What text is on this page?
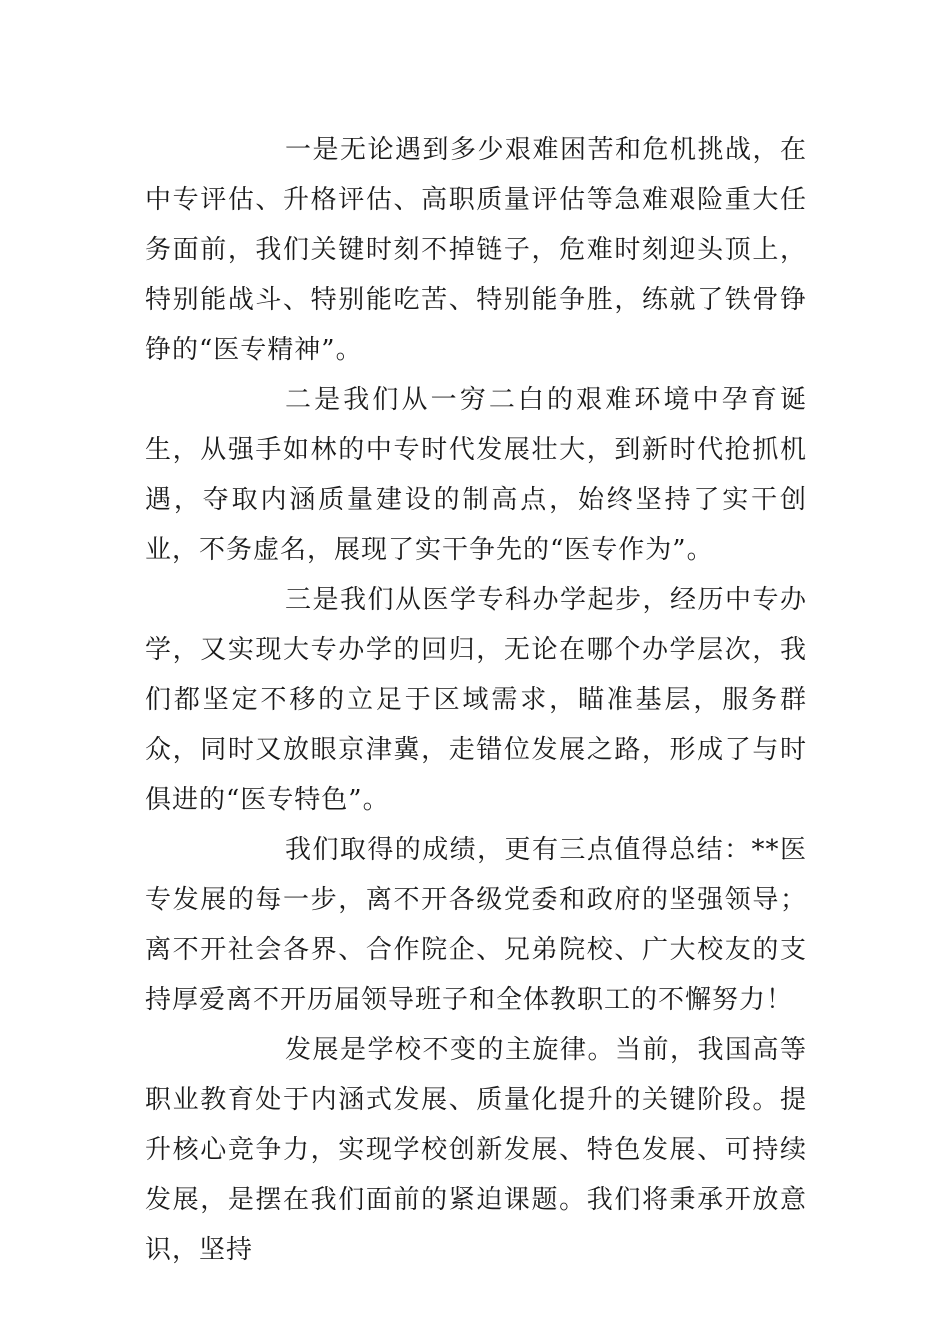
一是无论遇到多少艰难困苦和危机挑战，在中专评估、升格评估、高职质量评估等急难艰险重大任务面前，我们关键时刻不掉链子，危难时刻迎头顶上，特别能战斗、特别能吃苦、特别能争胜，练就了铁骨铮铮的“医专精神”。

二是我们从一穷二白的艰难环境中孕育诞生，从强手如林的中专时代发展壮大，到新时代抢抓机遇，夺取内涵质量建设的制高点，始终坚持了实干创业，不务虚名，展现了实干争先的“医专作为”。

三是我们从医学专科办学起步，经历中专办学，又实现大专办学的回归，无论在哪个办学层次，我们都坚定不移的立足于区域需求，瞄准基层，服务群众，同时又放眼京津冀，走错位发展之路，形成了与时俱进的“医专特色”。

我们取得的成绩，更有三点值得总结：**医专发展的每一步，离不开各级党委和政府的坚强领导；离不开社会各界、合作院企、兄弟院校、广大校友的支持厚爱离不开历届领导班子和全体教职工的不懈努力！

发展是学校不变的主旋律。当前，我国高等职业教育处于内涵式发展、质量化提升的关键阶段。提升核心竞争力，实现学校创新发展、特色发展、可持续发展，是摆在我们面前的紧迫课题。我们将秉承开放意识，坚持
